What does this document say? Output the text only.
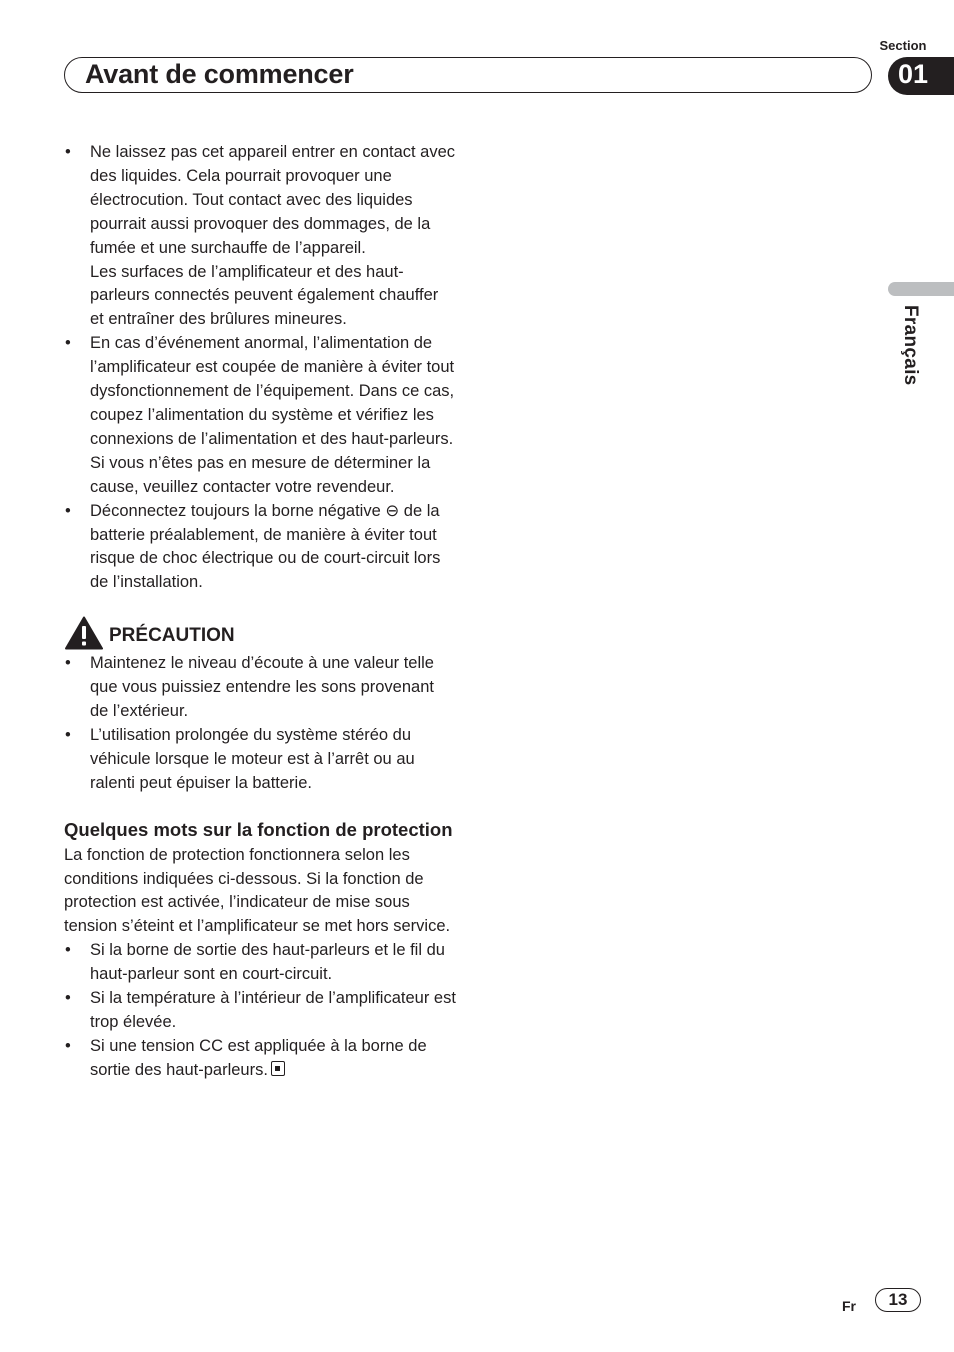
Section
Avant de commencer	01
Français
• Ne laissez pas cet appareil entrer en contact avec des liquides. Cela pourrait provoquer une électrocution. Tout contact avec des liquides pourrait aussi provoquer des dommages, de la fumée et une surchauffe de l’appareil.
Les surfaces de l’amplificateur et des haut-parleurs connectés peuvent également chauffer et entraîner des brûlures mineures.
• En cas d’événement anormal, l’alimentation de l’amplificateur est coupée de manière à éviter tout dysfonctionnement de l’équipement. Dans ce cas, coupez l’alimentation du système et vérifiez les connexions de l’alimentation et des haut-parleurs. Si vous n’êtes pas en mesure de déterminer la cause, veuillez contacter votre revendeur.
• Déconnectez toujours la borne négative ⊖ de la batterie préalablement, de manière à éviter tout risque de choc électrique ou de court-circuit lors de l’installation.
PRÉCAUTION
• Maintenez le niveau d’écoute à une valeur telle que vous puissiez entendre les sons provenant de l’extérieur.
• L’utilisation prolongée du système stéréo du véhicule lorsque le moteur est à l’arrêt ou au ralenti peut épuiser la batterie.
Quelques mots sur la fonction de protection

La fonction de protection fonctionnera selon les conditions indiquées ci-dessous. Si la fonction de protection est activée, l’indicateur de mise sous tension s’éteint et l’amplificateur se met hors service.

• Si la borne de sortie des haut-parleurs et le fil du haut-parleur sont en court-circuit.
• Si la température à l’intérieur de l’amplificateur est trop élevée.
• Si une tension CC est appliquée à la borne de sortie des haut-parleurs.
Fr	13
